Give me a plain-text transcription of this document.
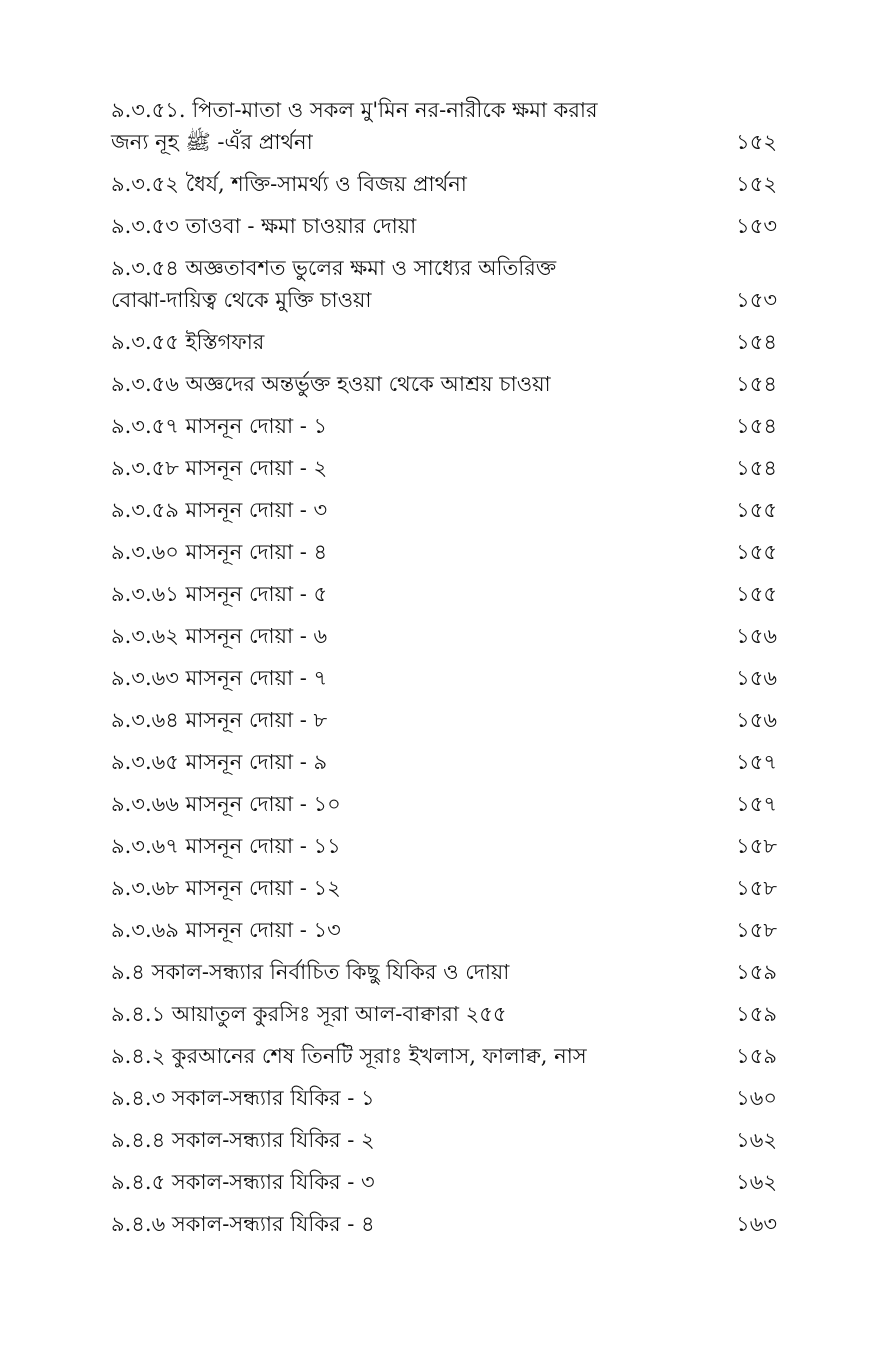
৯.৩.৫১. পিতা-মাতা ও সকল মু'মিন নর-নারীকে ক্ষমা করার
জন্য নূহ ﷺ -এঁর প্রার্থনা	১৫২
৯.৩.৫২ ধৈর্য, শক্তি-সামর্থ্য ও বিজয় প্রার্থনা	১৫২
৯.৩.৫৩ তাওবা - ক্ষমা চাওয়ার দোয়া	১৫৩
৯.৩.৫৪ অজ্ঞতাবশত ভুলের ক্ষমা ও সাধ্যের অতিরিক্ত
বোঝা-দায়িত্ব থেকে মুক্তি চাওয়া	১৫৩
৯.৩.৫৫ ইস্তিগফার	১৫৪
৯.৩.৫৬ অজ্ঞদের অন্তর্ভুক্ত হওয়া থেকে আশ্রয় চাওয়া	১৫৪
৯.৩.৫৭ মাসনূন দোয়া - ১	১৫৪
৯.৩.৫৮ মাসনূন দোয়া - ২	১৫৪
৯.৩.৫৯ মাসনূন দোয়া - ৩	১৫৫
৯.৩.৬০ মাসনূন দোয়া - ৪	১৫৫
৯.৩.৬১ মাসনূন দোয়া - ৫	১৫৫
৯.৩.৬২ মাসনূন দোয়া - ৬	১৫৬
৯.৩.৬৩ মাসনূন দোয়া - ৭	১৫৬
৯.৩.৬৪ মাসনূন দোয়া - ৮	১৫৬
৯.৩.৬৫ মাসনূন দোয়া - ৯	১৫৭
৯.৩.৬৬ মাসনূন দোয়া - ১০	১৫৭
৯.৩.৬৭ মাসনূন দোয়া - ১১	১৫৮
৯.৩.৬৮ মাসনূন দোয়া - ১২	১৫৮
৯.৩.৬৯ মাসনূন দোয়া - ১৩	১৫৮
৯.৪ সকাল-সন্ধ্যার নির্বাচিত কিছু যিকির ও দোয়া	১৫৯
৯.৪.১ আয়াতুল কুরসিঃ সূরা আল-বাক্বারা ২৫৫	১৫৯
৯.৪.২ কুরআনের শেষ তিনটি সূরাঃ ইখলাস, ফালাক্ব, নাস	১৫৯
৯.৪.৩ সকাল-সন্ধ্যার যিকির - ১	১৬০
৯.৪.৪ সকাল-সন্ধ্যার যিকির - ২	১৬২
৯.৪.৫ সকাল-সন্ধ্যার যিকির - ৩	১৬২
৯.৪.৬ সকাল-সন্ধ্যার যিকির - ৪	১৬৩
